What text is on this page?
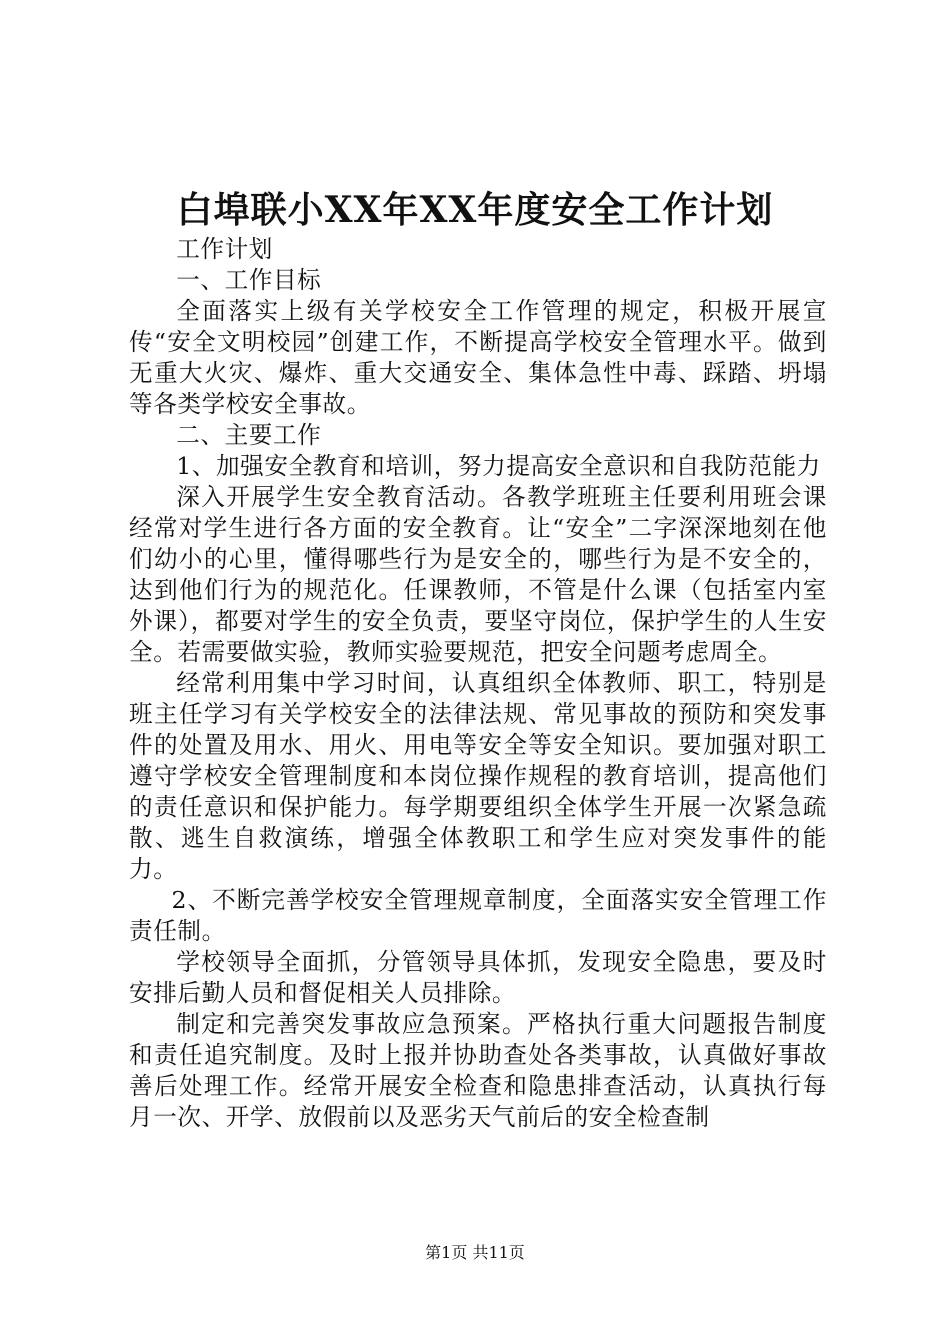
白埠联小XX年XX年度安全工作计划

工作计划

一、工作目标

全面落实上级有关学校安全工作管理的规定，积极开展宣传“安全文明校园”创建工作，不断提高学校安全管理水平。做到无重大火灾、爆炸、重大交通安全、集体急性中毒、踩踏、坍塌等各类学校安全事故。

二、主要工作

1、加强安全教育和培训，努力提高安全意识和自我防范能力

深入开展学生安全教育活动。各教学班班主任要利用班会课经常对学生进行各方面的安全教育。让“安全”二字深深地刻在他们幼小的心里，懂得哪些行为是安全的，哪些行为是不安全的，达到他们行为的规范化。任课教师，不管是什么课（包括室内室外课），都要对学生的安全负责，要坚守岗位，保护学生的人生安全。若需要做实验，教师实验要规范，把安全问题考虑周全。

经常利用集中学习时间，认真组织全体教师、职工，特别是班主任学习有关学校安全的法律法规、常见事故的预防和突发事件的处置及用水、用火、用电等安全等安全知识。要加强对职工遵守学校安全管理制度和本岗位操作规程的教育培训，提高他们的责任意识和保护能力。每学期要组织全体学生开展一次紧急疏散、逃生自救演练，增强全体教职工和学生应对突发事件的能力。

2、不断完善学校安全管理规章制度，全面落实安全管理工作责任制。

学校领导全面抓，分管领导具体抓，发现安全隐患，要及时安排后勤人员和督促相关人员排除。

制定和完善突发事故应急预案。严格执行重大问题报告制度和责任追究制度。及时上报并协助查处各类事故，认真做好事故善后处理工作。经常开展安全检查和隐患排查活动，认真执行每月一次、开学、放假前以及恶劣天气前后的安全检查制

第1页 共11页
